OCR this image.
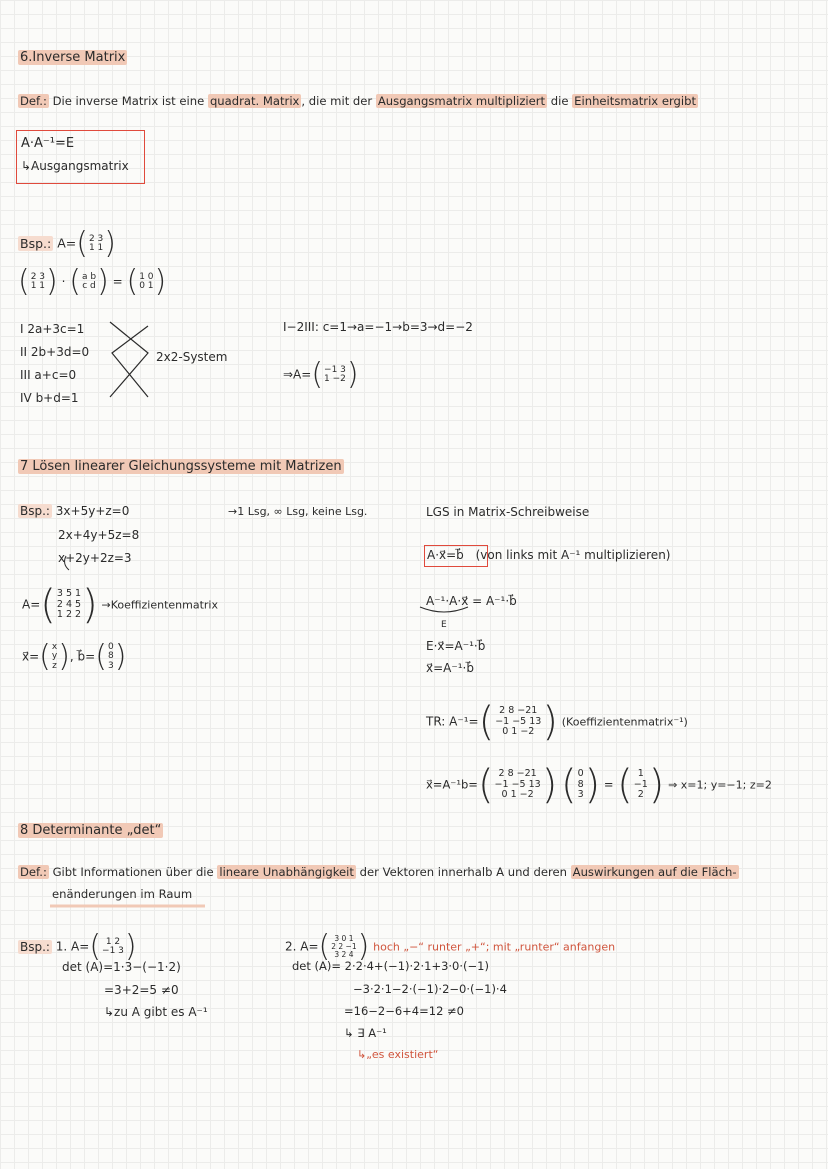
6.Inverse Matrix
Def.: Die inverse Matrix ist eine quadrat. Matrix , die mit der Ausgangsmatrix multipliziert die Einheitsmatrix ergibt
A·A⁻¹=E
↳Ausgangsmatrix
Bsp.: A= ( 2 3
1 1 )
( 2 3
1 1 ) · ( a b
c d ) = ( 1 0
0 1 )
I 2a+3c=1
II 2b+3d=0
III a+c=0
IV b+d=1
2x2-System
I−2III: c=1→a=−1→b=3→d=−2
⇒A= ( −1 3
1 −2 )
7 Lösen linearer Gleichungssysteme mit Matrizen
Bsp.: 3x+5y+z=0
2x+4y+5z=8
x+2y+2z=3
→1 Lsg, ∞ Lsg, keine Lsg.
A= ( 3 5 1
2 4 5
1 2 2 ) →Koeffizientenmatrix
x⃗= ( x
y
z ) , b⃗= ( 0
8
3 )
LGS in Matrix-Schreibweise
A·x⃗=b⃗ (von links mit A⁻¹ multiplizieren)
A⁻¹·A·x⃗ = A⁻¹·b⃗
E
E·x⃗=A⁻¹·b⃗
x⃗=A⁻¹·b⃗
TR: A⁻¹= ( 2 8 −21
−1 −5 13
0 1 −2 ) (Koeffizientenmatrix⁻¹)
x⃗=A⁻¹b= ( 2 8 −21
−1 −5 13
0 1 −2 )
( 0
8
3 ) = ( 1
−1
2 ) ⇒ x=1; y=−1; z=2
8 Determinante „det“
Def.: Gibt Informationen über die lineare Unabhängigkeit der Vektoren innerhalb A und deren Auswirkungen auf die Fläch-
enänderungen im Raum
Bsp.: 1. A= ( 1 2
−1 3 )
det (A)=1·3−(−1·2)
=3+2=5 ≠0
↳zu A gibt es A⁻¹
2. A= ( 3 0 1
2 2 −1
3 2 4 ) hoch „−“ runter „+“; mit „runter“ anfangen
det (A)= 2·2·4+(−1)·2·1+3·0·(−1)
−3·2·1−2·(−1)·2−0·(−1)·4
=16−2−6+4=12 ≠0
↳ ∃ A⁻¹
↳„es existiert“
